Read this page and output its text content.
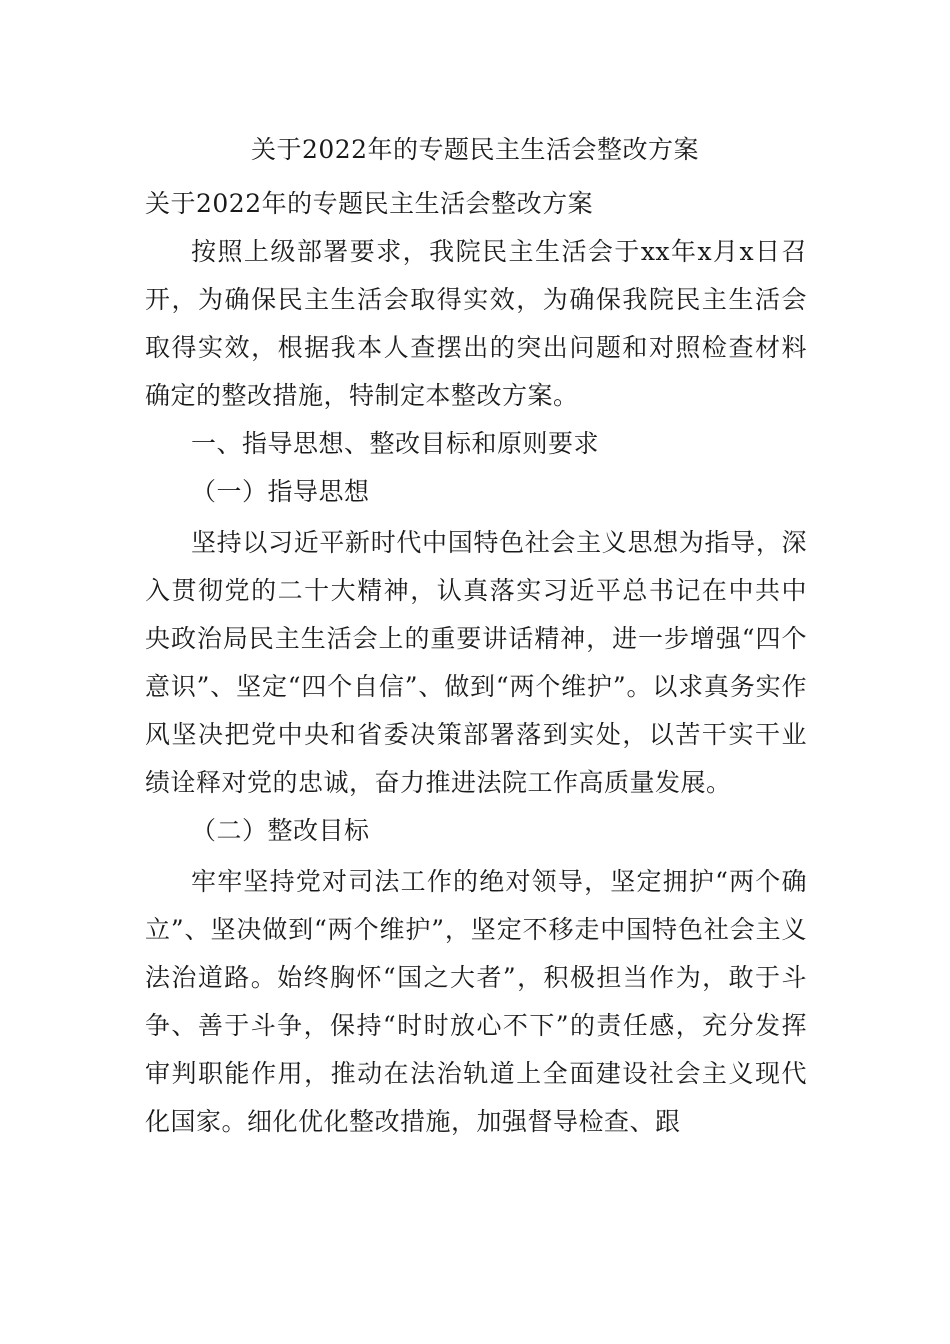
关于2022年的专题民主生活会整改方案

关于2022年的专题民主生活会整改方案

按照上级部署要求，我院民主生活会于xx年x月x日召开，为确保民主生活会取得实效，为确保我院民主生活会取得实效，根据我本人查摆出的突出问题和对照检查材料确定的整改措施，特制定本整改方案。

一、指导思想、整改目标和原则要求

（一）指导思想

坚持以习近平新时代中国特色社会主义思想为指导，深入贯彻党的二十大精神，认真落实习近平总书记在中共中央政治局民主生活会上的重要讲话精神，进一步增强“四个意识”、坚定“四个自信”、做到“两个维护”。以求真务实作风坚决把党中央和省委决策部署落到实处，以苦干实干业绩诠释对党的忠诚，奋力推进法院工作高质量发展。

（二）整改目标

牢牢坚持党对司法工作的绝对领导，坚定拥护“两个确立”、坚决做到“两个维护”，坚定不移走中国特色社会主义法治道路。始终胸怀“国之大者”，积极担当作为，敢于斗争、善于斗争，保持“时时放心不下”的责任感，充分发挥审判职能作用，推动在法治轨道上全面建设社会主义现代化国家。细化优化整改措施，加强督导检查、跟
